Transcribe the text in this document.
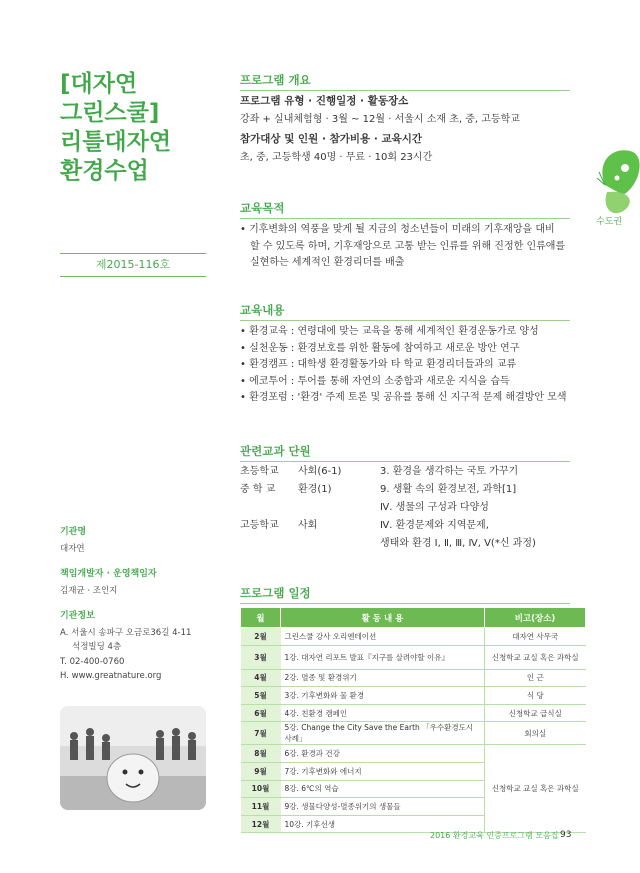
[대자연
그린스쿨]
리틀대자연
환경수업
제2015-116호
수도권
프로그램 개요
프로그램 유형 · 진행일정 · 활동장소
강좌 + 실내체험형 · 3월 ~ 12월 · 서울시 소재 초, 중, 고등학교
참가대상 및 인원 · 참가비용 · 교육시간
초, 중, 고등학생 40명 · 무료 · 10회 23시간
교육목적
• 기후변화의 역풍을 맞게 될 지금의 청소년들이 미래의 기후재앙을 대비
할 수 있도록 하며, 기후재앙으로 고통 받는 인류를 위해 진정한 인류애를
실현하는 세계적인 환경리더를 배출
교육내용
• 환경교육 : 연령대에 맞는 교육을 통해 세계적인 환경운동가로 양성
• 실천운동 : 환경보호를 위한 활동에 참여하고 새로운 방안 연구
• 환경캠프 : 대학생 환경활동가와 타 학교 환경리더들과의 교류
• 에코투어 : 투어를 통해 자연의 소중함과 새로운 지식을 습득
• 환경포럼 : '환경' 주제 토론 및 공유를 통해 신 지구적 문제 해결방안 모색
관련교과 단원
초등학교	사회(6-1)	3. 환경을 생각하는 국토 가꾸기
중 학 교	환경(1)	9. 생활 속의 환경보전, 과학[1]
		Ⅳ. 생물의 구성과 다양성
고등학교	사회	Ⅳ. 환경문제와 지역문제,
		생태와 환경 Ⅰ, Ⅱ, Ⅲ, Ⅳ, Ⅴ(*신 과정)
프로그램 일정
월	활 동 내 용	비고(장소)
2월	그린스쿨 강사 오리엔테이션	대자연 사무국
3월	1강. 대자연 리포트 발표『지구를 살려야할 이유』	신청학교 교실 혹은 과학실
4월	2강. 멸종 및 환경위기	인 근
5월	3강. 기후변화와 물 환경	식 당
6월	4강. 친환경 캠페인	신청학교 급식실
7월	5강. Change the City Save the Earth 「우수환경도시 사례」	회의실
8월	6강. 환경과 건강	신청학교 교실 혹은 과학실
9월	7강. 기후변화와 에너지	
10월	8강. 6℃의 역습	
11월	9강. 생물다양성-멸종위기의 생물들	
12월	10강. 기후선생	
기관명
대자연
책임개발자 · 운영책임자
김재균 · 조인지
기관정보
A. 서울시 송파구 오금로36길 4-11
석정빌딩 4층
T. 02-400-0760
H. www.greatnature.org
2016 환경교육 인증프로그램 모음집 93
